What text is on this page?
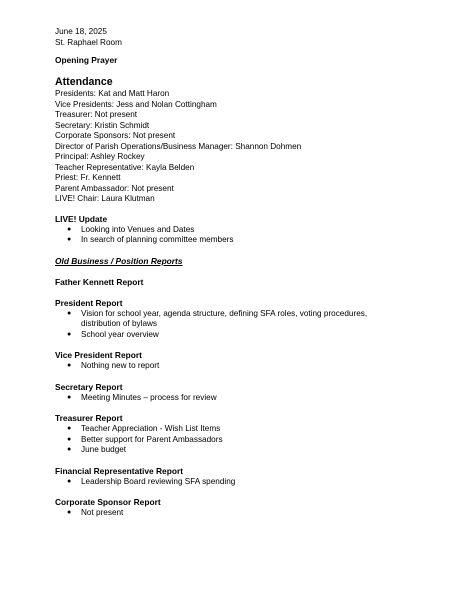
June 18, 2025
St. Raphael Room
Opening Prayer
Attendance
Presidents: Kat and Matt Haron
Vice Presidents: Jess and Nolan Cottingham
Treasurer: Not present
Secretary: Kristin Schmidt
Corporate Sponsors: Not present
Director of Parish Operations/Business Manager: Shannon Dohmen
Principal: Ashley Rockey
Teacher Representative: Kayla Belden
Priest: Fr. Kennett
Parent Ambassador: Not present
LIVE! Chair: Laura Klutman
LIVE! Update
● Looking into Venues and Dates
● In search of planning committee members
Old Business / Position Reports
Father Kennett Report
President Report
● Vision for school year, agenda structure, defining SFA roles, voting procedures, distribution of bylaws
● School year overview
Vice President Report
● Nothing new to report
Secretary Report
● Meeting Minutes – process for review
Treasurer Report
● Teacher Appreciation - Wish List Items
● Better support for Parent Ambassadors
● June budget
Financial Representative Report
● Leadership Board reviewing SFA spending
Corporate Sponsor Report
● Not present
